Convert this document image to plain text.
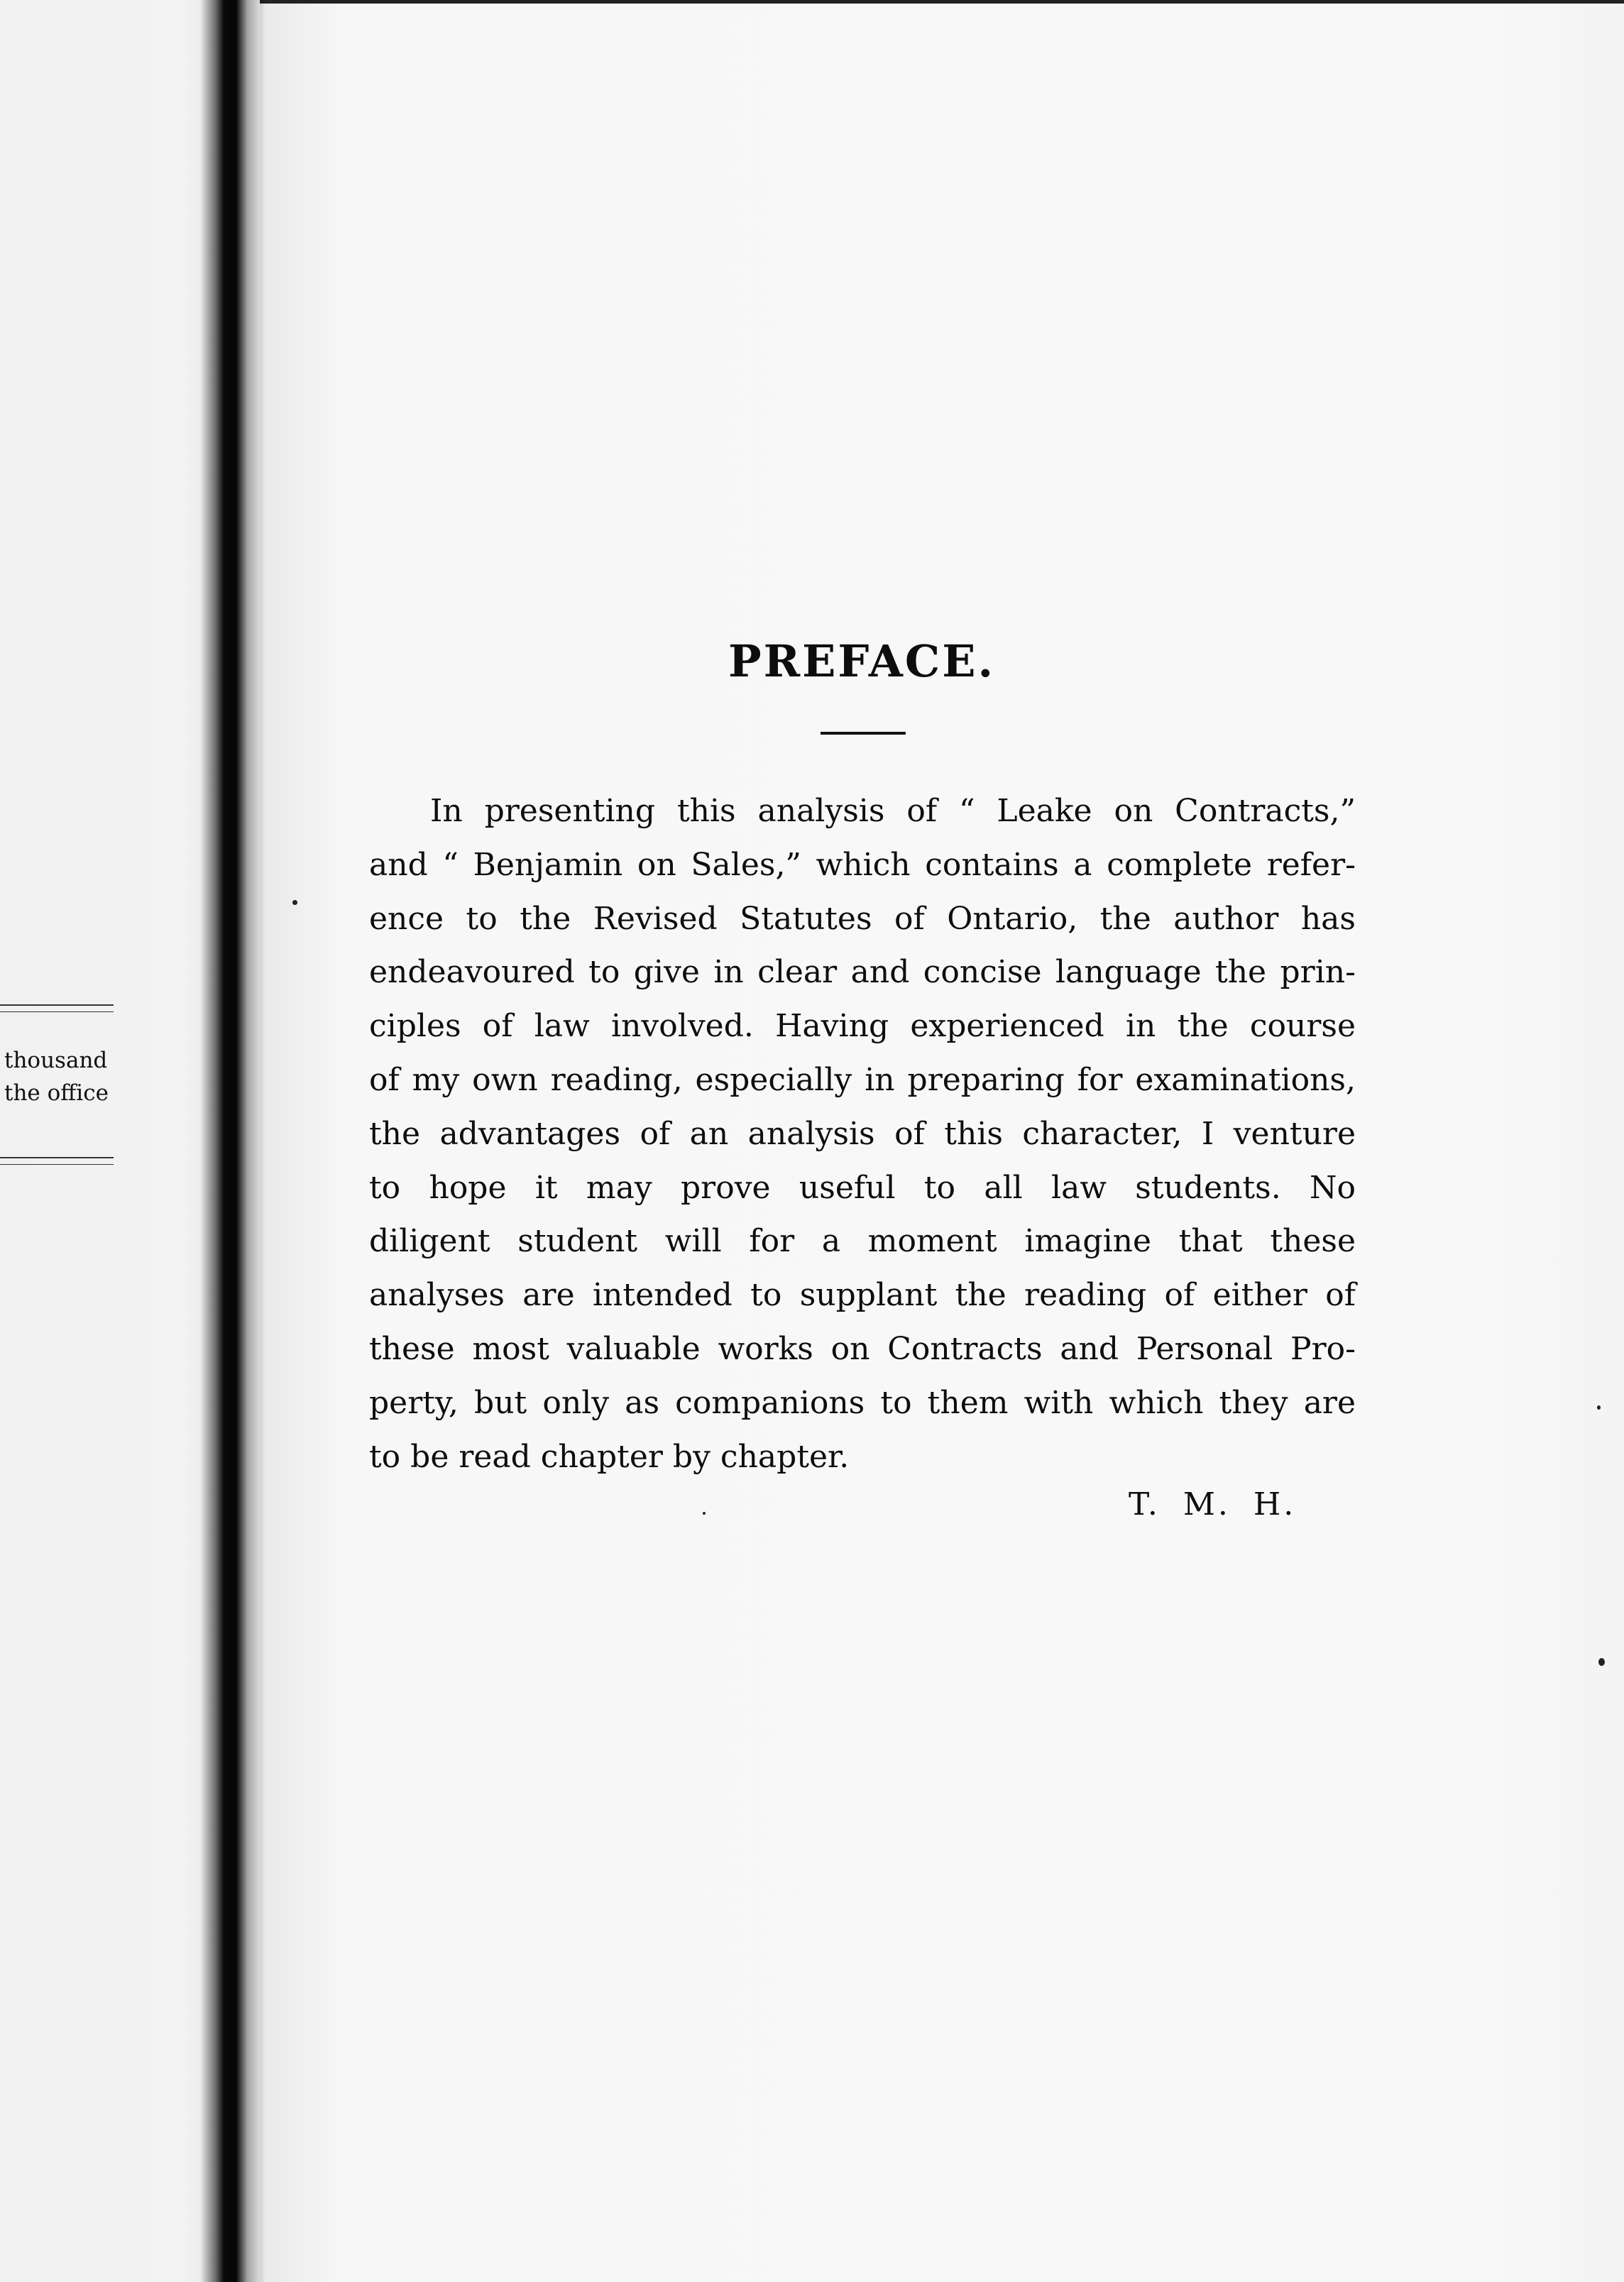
thousand
the office
PREFACE.
In presenting this analysis of “ Leake on Contracts,”
and “ Benjamin on Sales,” which contains a complete refer-
ence to the Revised Statutes of Ontario, the author has
endeavoured to give in clear and concise language the prin-
ciples of law involved. Having experienced in the course
of my own reading, especially in preparing for examinations,
the advantages of an analysis of this character, I venture
to hope it may prove useful to all law students. No
diligent student will for a moment imagine that these
analyses are intended to supplant the reading of either of
these most valuable works on Contracts and Personal Pro-
perty, but only as companions to them with which they are
to be read chapter by chapter.
T. M. H.
